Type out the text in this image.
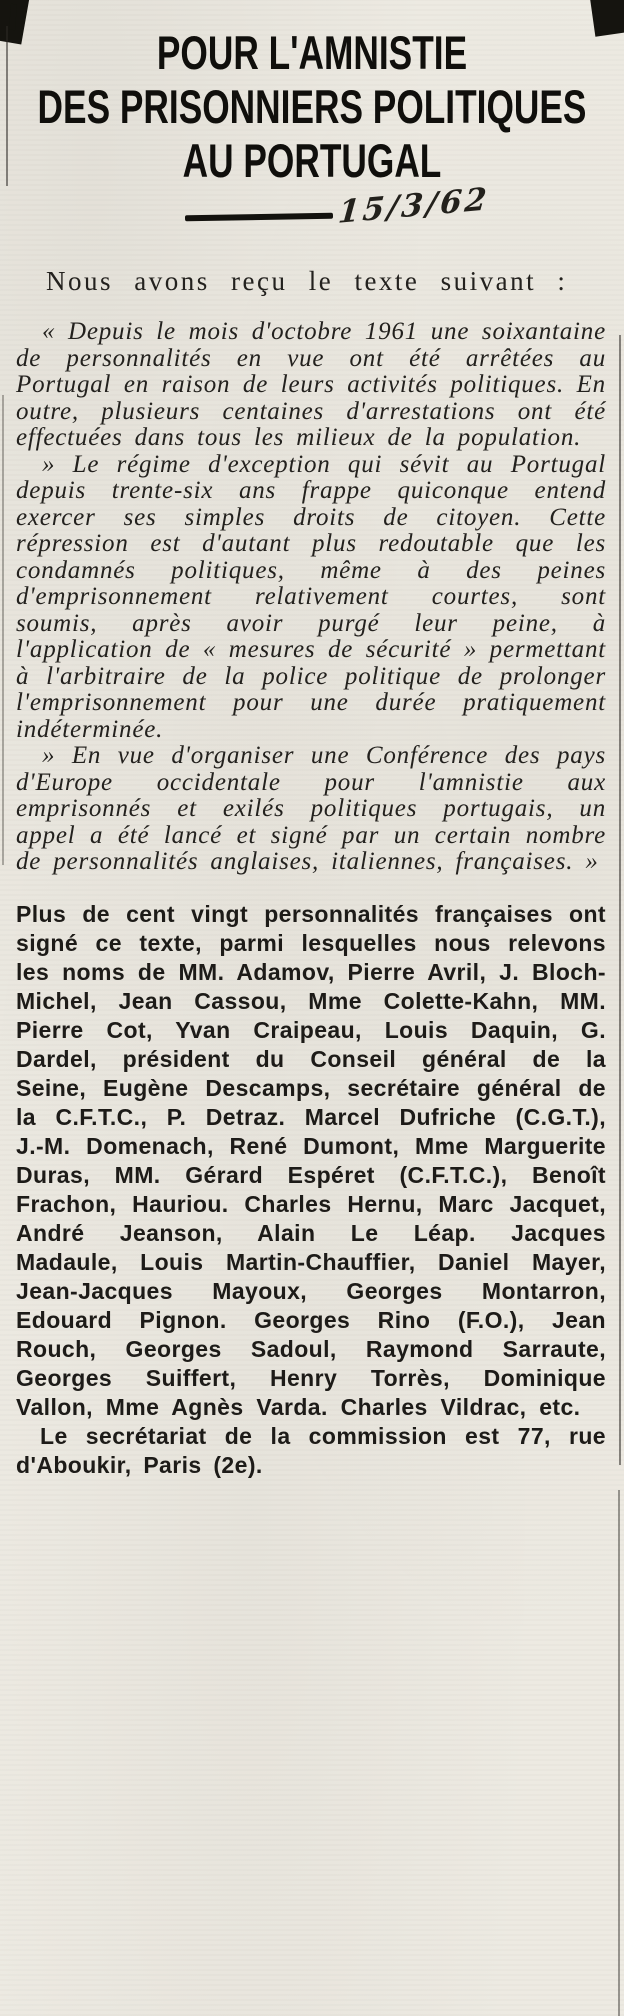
POUR L'AMNISTIE
DES PRISONNIERS POLITIQUES
AU PORTUGAL
15/3/62

Nous avons reçu le texte suivant :

« Depuis le mois d'octobre 1961 une soixantaine de personnalités en vue ont été arrêtées au Portugal en raison de leurs activités politiques. En outre, plusieurs centaines d'arrestations ont été effectuées dans tous les milieux de la population.

» Le régime d'exception qui sévit au Portugal depuis trente-six ans frappe quiconque entend exercer ses simples droits de citoyen. Cette répression est d'autant plus redoutable que les condamnés politiques, même à des peines d'emprisonnement relativement courtes, sont soumis, après avoir purgé leur peine, à l'application de « mesures de sécurité » permettant à l'arbitraire de la police politique de prolonger l'emprisonnement pour une durée pratiquement indéterminée.

» En vue d'organiser une Conférence des pays d'Europe occidentale pour l'amnistie aux emprisonnés et exilés politiques portugais, un appel a été lancé et signé par un certain nombre de personnalités anglaises, italiennes, françaises. »

Plus de cent vingt personnalités françaises ont signé ce texte, parmi lesquelles nous relevons les noms de MM. Adamov, Pierre Avril, J. Bloch-Michel, Jean Cassou, Mme Colette-Kahn, MM. Pierre Cot, Yvan Craipeau, Louis Daquin, G. Dardel, président du Conseil général de la Seine, Eugène Descamps, secrétaire général de la C.F.T.C., P. Detraz. Marcel Dufriche (C.G.T.), J.-M. Domenach, René Dumont, Mme Marguerite Duras, MM. Gérard Espéret (C.F.T.C.), Benoît Frachon, Hauriou. Charles Hernu, Marc Jacquet, André Jeanson, Alain Le Léap. Jacques Madaule, Louis Martin-Chauffier, Daniel Mayer, Jean-Jacques Mayoux, Georges Montarron, Edouard Pignon. Georges Rino (F.O.), Jean Rouch, Georges Sadoul, Raymond Sarraute, Georges Suiffert, Henry Torrès, Dominique Vallon, Mme Agnès Varda. Charles Vildrac, etc.

Le secrétariat de la commission est 77, rue d'Aboukir, Paris (2e).
